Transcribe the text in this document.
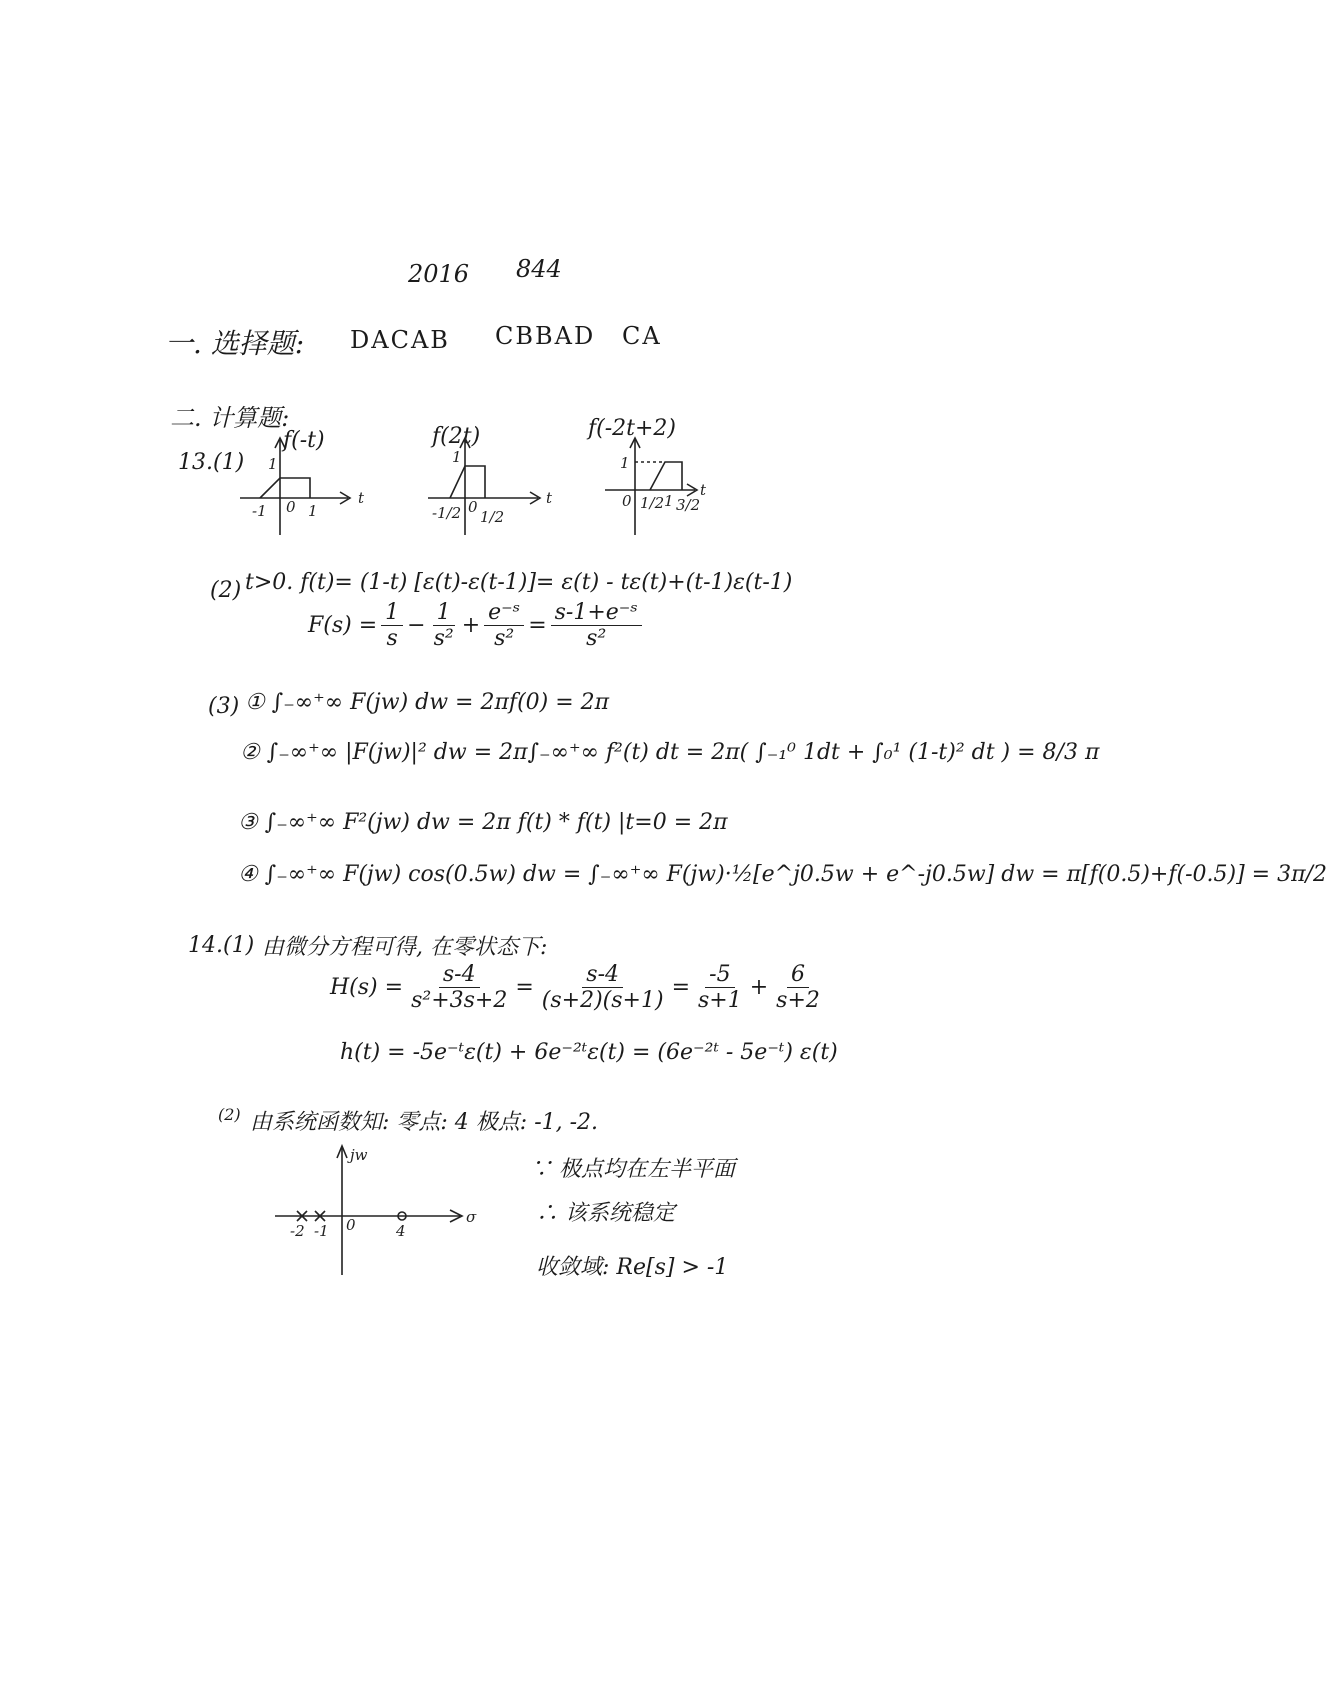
2016 844
一. 选择题: DACAB CBBAD CA
二. 计算题:
13.(1)
f(-t)
t
1
-1 0 1
f(2t)
t
1
-1/2 0
1/2
f(-2t+2)
t
1
0 1/2 1 3/2
(2) t>0. f(t)= (1-t) [ε(t)-ε(t-1)]= ε(t) - tε(t)+(t-1)ε(t-1)
$F(s) = \frac{1}{s} - \frac{1}{\text{s²}} + \frac{\text{e⁻ˢ}}{\text{s²}} = \frac{\text{s-1+e⁻ˢ}}{\text{s²}}$
(3) ① ∫₋∞⁺∞ F(jw) dw = 2πf(0) = 2π
② ∫₋∞⁺∞ |F(jw)|² dw = 2π∫₋∞⁺∞ f²(t) dt = 2π( ∫₋₁⁰ 1dt + ∫₀¹ (1-t)² dt ) = 8/3 π
③ ∫₋∞⁺∞ F²(jw) dw = 2π f(t) * f(t) |t=0 = 2π
④ ∫₋∞⁺∞ F(jw) cos(0.5w) dw = ∫₋∞⁺∞ F(jw)·½[e^j0.5w + e^-j0.5w] dw = π[f(0.5)+f(-0.5)] = 3π/2
14.(1) 由微分方程可得, 在零状态下:
$H(s) = \frac{s-4}{\text{s²+3s+2}} = \frac{s-4}{(s+2)(s+1)} = \frac{-5}{s+1} + \frac{6}{s+2}$
h(t) = -5e⁻ᵗε(t) + 6e⁻²ᵗε(t) = (6e⁻²ᵗ - 5e⁻ᵗ) ε(t)
(2) 由系统函数知: 零点: 4 极点: -1, -2.
jw
σ
-2 -1 0	4
∵ 极点均在左半平面
∴ 该系统稳定
收敛域: Re[s] > -1
